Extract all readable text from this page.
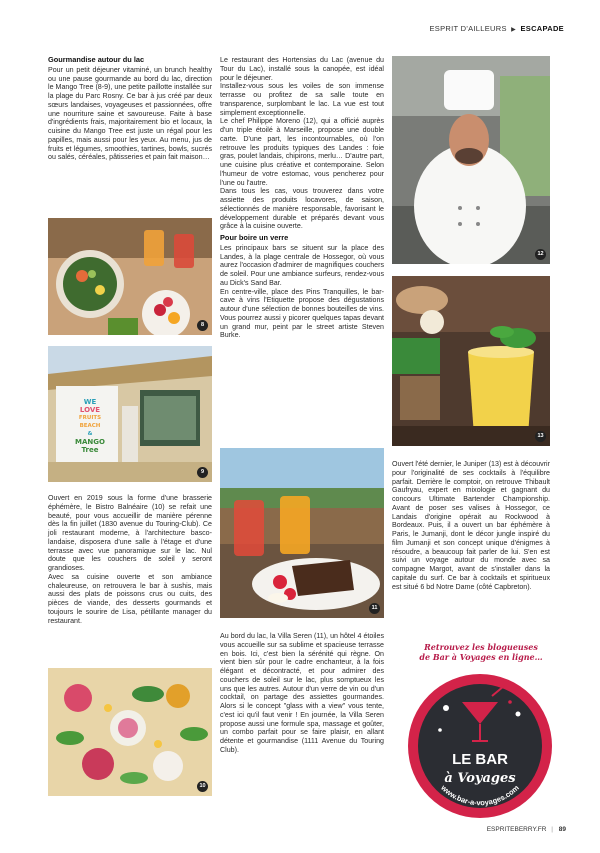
ESPRIT D'AILLEURS ▶ ESCAPADE
Gourmandise autour du lac

Pour un petit déjeuner vitaminé, un brunch healthy ou une pause gourmande au bord du lac, direction le Mango Tree (8-9), une petite paillotte installée sur la plage du Parc Rosny. Ce bar à jus créé par deux sœurs landaises, voyageuses et passionnées, offre une nourriture saine et savoureuse. Faite à base d'ingrédients frais, majoritairement bio et locaux, la cuisine du Mango Tree est juste un régal pour les papilles, mais aussi pour les yeux. Au menu, jus de fruits et légumes, smoothies, tartines, bowls, sucrés ou salés, céréales, pâtisseries et pain fait maison…

8
WE
LOVE
FRUITS
BEACH
&
MANGO
Tree
9

Ouvert en 2019 sous la forme d'une brasserie éphémère, le Bistro Balnéaire (10) se refait une beauté, pour vous accueillir de manière pérenne dès la fin juillet (1830 avenue du Touring-Club). Ce joli restaurant moderne, à l'architecture basco-landaise, disposera d'une salle à l'étage et d'une terrasse avec vue panoramique sur le lac. Nul doute que les couchers de soleil y seront grandioses.

Avec sa cuisine ouverte et son ambiance chaleureuse, on retrouvera le bar à sushis, mais aussi des plats de poissons crus ou cuits, des pièces de viande, des desserts gourmands et toujours le sourire de Lisa, pétillante manager du restaurant.

10

Le restaurant des Hortensias du Lac (avenue du Tour du Lac), installé sous la canopée, est idéal pour le déjeuner.

Installez-vous sous les voiles de son immense terrasse ou profitez de sa salle toute en transparence, surplombant le lac. La vue est tout simplement exceptionnelle.

Le chef Philippe Moreno (12), qui a officié auprès d'un triple étoilé à Marseille, propose une double carte. D'une part, les incontournables, où l'on retrouve les produits typiques des Landes : foie gras, poulet landais, chipirons, merlu… D'autre part, une cuisine plus créative et contemporaine. Selon l'humeur de votre estomac, vous pencherez pour l'une ou l'autre.

Dans tous les cas, vous trouverez dans votre assiette des produits locavores, de saison, sélectionnés de manière responsable, favorisant le développement durable et préparés devant vous grâce à la cuisine ouverte.

Pour boire un verre

Les principaux bars se situent sur la place des Landes, à la plage centrale de Hossegor, où vous aurez l'occasion d'admirer de magnifiques couchers de soleil. Pour une ambiance surfeurs, rendez-vous au Dick's Sand Bar.

En centre-ville, place des Pins Tranquilles, le bar-cave à vins l'Etiquette propose des dégustations autour d'une sélection de bonnes bouteilles de vins. Vous pourrez aussi y picorer quelques tapas devant un grand mur, peint par le street artiste Steven Burke.

11

Au bord du lac, la Villa Seren (11), un hôtel 4 étoiles vous accueille sur sa sublime et spacieuse terrasse en bois. Ici, c'est bien la sérénité qui règne. On vient bien sûr pour le cadre enchanteur, à la fois élégant et décontracté, et pour admirer des couchers de soleil sur le lac, plus somptueux les uns que les autres. Autour d'un verre de vin ou d'un cocktail, on partage des assiettes gourmandes. Alors si le concept "glass with a view" vous tente, c'est ici qu'il faut venir ! En journée, la Villa Seren propose aussi une formule spa, massage et goûter, un combo parfait pour se faire plaisir, en allant détente et gourmandise (1111 Avenue du Touring Club).

12
13

Ouvert l'été dernier, le Juniper (13) est à découvrir pour l'originalité de ses cocktails à l'équilibre parfait. Derrière le comptoir, on retrouve Thibault Gaufryau, expert en mixologie et gagnant du concours Ultimate Bartender Championship. Avant de poser ses valises à Hossegor, ce Landais d'origine opérait au Rockwood à Bordeaux. Puis, il a ouvert un bar éphémère à Paris, le Jumanji, dont le décor jungle inspiré du film Jumanji et son concept unique d'énigmes à résoudre, a beaucoup fait parler de lui. S'en est suivi un voyage autour du monde avec sa compagne Margot, avant de s'installer dans la capitale du surf. Ce bar à cocktails et spiritueux est situé 6 bd Notre Dame (côté Capbreton).

Retrouvez les blogueuses
de Bar à Voyages en ligne…
LE BAR
à Voyages
www.bar-a-voyages.com
ESPRITEBERRY.FR | 89
